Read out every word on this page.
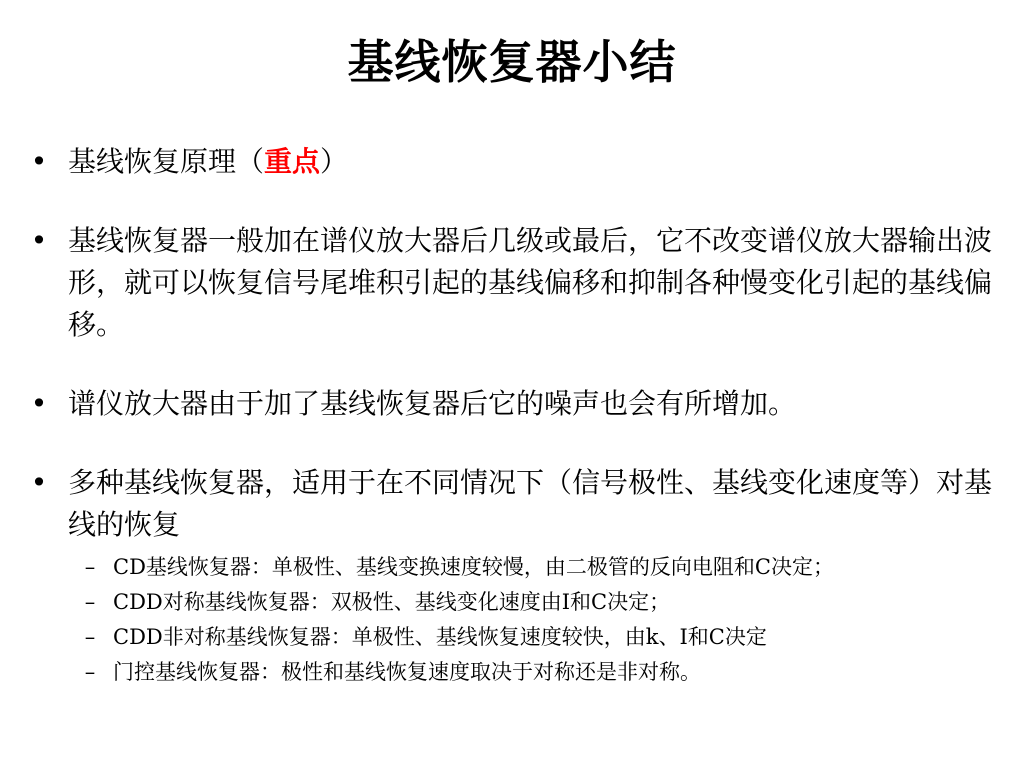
基线恢复器小结
• 基线恢复原理（重点）
• 基线恢复器一般加在谱仪放大器后几级或最后，它不改变谱仪放大器输出波形，就可以恢复信号尾堆积引起的基线偏移和抑制各种慢变化引起的基线偏移。
• 谱仪放大器由于加了基线恢复器后它的噪声也会有所增加。
• 多种基线恢复器，适用于在不同情况下（信号极性、基线变化速度等）对基线的恢复
– CD基线恢复器：单极性、基线变换速度较慢，由二极管的反向电阻和C决定；
– CDD对称基线恢复器：双极性、基线变化速度由I和C决定；
– CDD非对称基线恢复器：单极性、基线恢复速度较快，由k、I和C决定
– 门控基线恢复器：极性和基线恢复速度取决于对称还是非对称。
